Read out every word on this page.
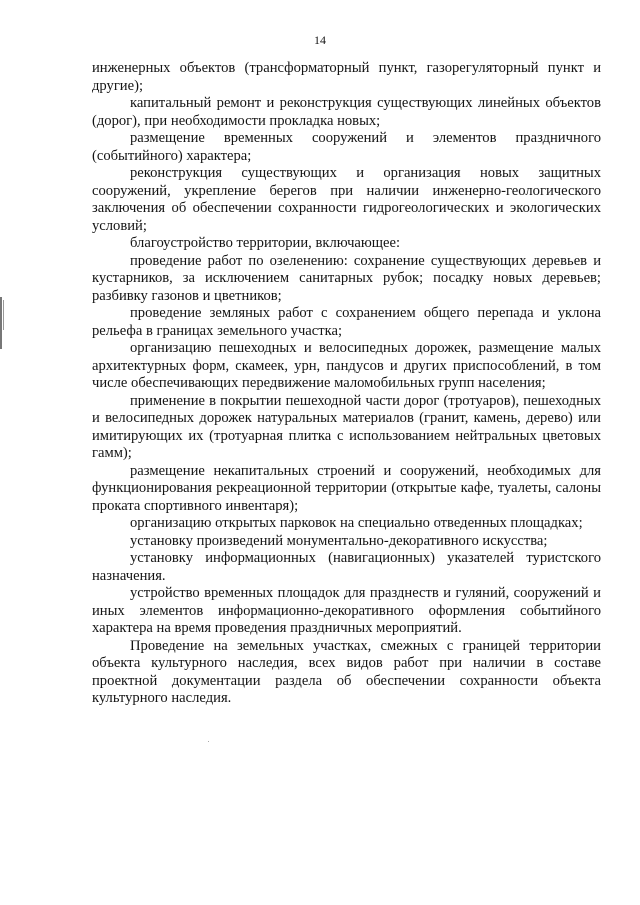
14

инженерных объектов (трансформаторный пункт, газорегуляторный пункт и другие);

капитальный ремонт и реконструкция существующих линейных объектов (дорог), при необходимости прокладка новых;

размещение временных сооружений и элементов праздничного (событийного) характера;

реконструкция существующих и организация новых защитных сооружений, укрепление берегов при наличии инженерно-геологического заключения об обеспечении сохранности гидрогеологических и экологических условий;

благоустройство территории, включающее:

проведение работ по озеленению: сохранение существующих деревьев и кустарников, за исключением санитарных рубок; посадку новых деревьев; разбивку газонов и цветников;

проведение земляных работ с сохранением общего перепада и уклона рельефа в границах земельного участка;

организацию пешеходных и велосипедных дорожек, размещение малых архитектурных форм, скамеек, урн, пандусов и других приспособлений, в том числе обеспечивающих передвижение маломобильных групп населения;

применение в покрытии пешеходной части дорог (тротуаров), пешеходных и велосипедных дорожек натуральных материалов (гранит, камень, дерево) или имитирующих их (тротуарная плитка с использованием нейтральных цветовых гамм);

размещение некапитальных строений и сооружений, необходимых для функционирования рекреационной территории (открытые кафе, туалеты, салоны проката спортивного инвентаря);

организацию открытых парковок на специально отведенных площадках;

установку произведений монументально-декоративного искусства;

установку информационных (навигационных) указателей туристского назначения.

устройство временных площадок для празднеств и гуляний, сооружений и иных элементов информационно-декоративного оформления событийного характера на время проведения праздничных мероприятий.

Проведение на земельных участках, смежных с границей территории объекта культурного наследия, всех видов работ при наличии в составе проектной документации раздела об обеспечении сохранности объекта культурного наследия.
